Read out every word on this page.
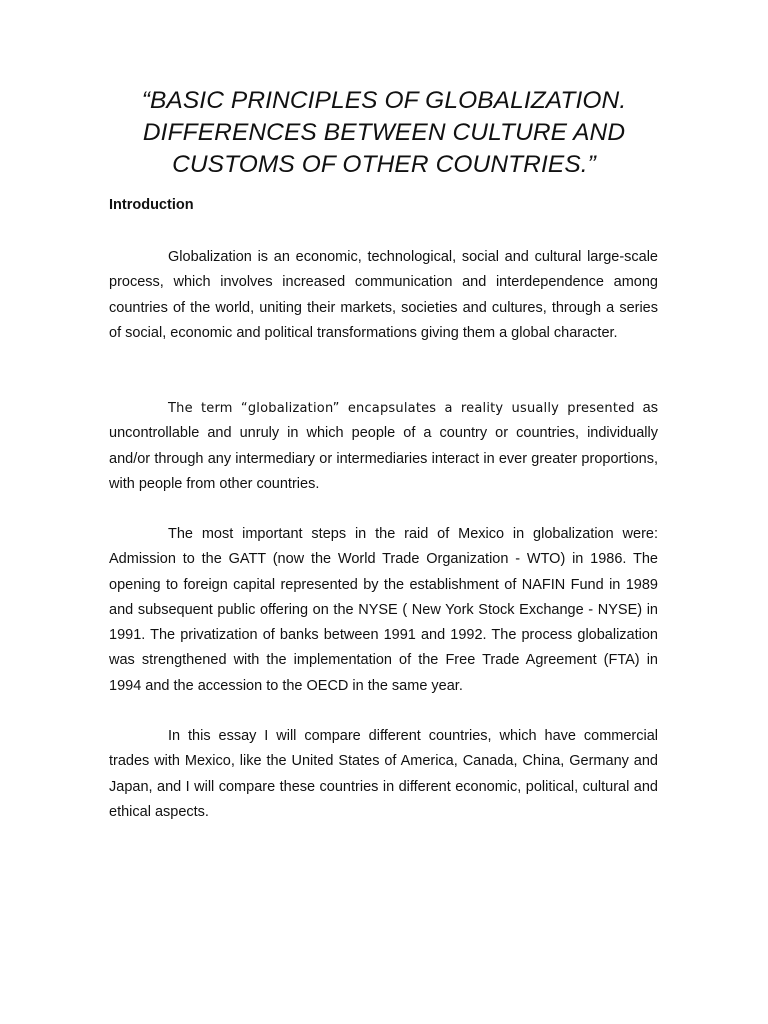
“BASIC PRINCIPLES OF GLOBALIZATION.
DIFFERENCES BETWEEN CULTURE AND
CUSTOMS OF OTHER COUNTRIES.”
Introduction

Globalization is an economic, technological, social and cultural large-scale process, which involves increased communication and interdependence among countries of the world, uniting their markets, societies and cultures, through a series of social, economic and political transformations giving them a global character.

The term “globalization” encapsulates a reality usually presented as uncontrollable and unruly in which people of a country or countries, individually and/or through any intermediary or intermediaries interact in ever greater proportions, with people from other countries.

The most important steps in the raid of Mexico in globalization were: Admission to the GATT (now the World Trade Organization - WTO) in 1986. The opening to foreign capital represented by the establishment of NAFIN Fund in 1989 and subsequent public offering on the NYSE ( New York Stock Exchange - NYSE) in 1991. The privatization of banks between 1991 and 1992. The process globalization was strengthened with the implementation of the Free Trade Agreement (FTA) in 1994 and the accession to the OECD in the same year.

In this essay I will compare different countries, which have commercial trades with Mexico, like the United States of America, Canada, China, Germany and Japan, and I will compare these countries in different economic, political, cultural and ethical aspects.
